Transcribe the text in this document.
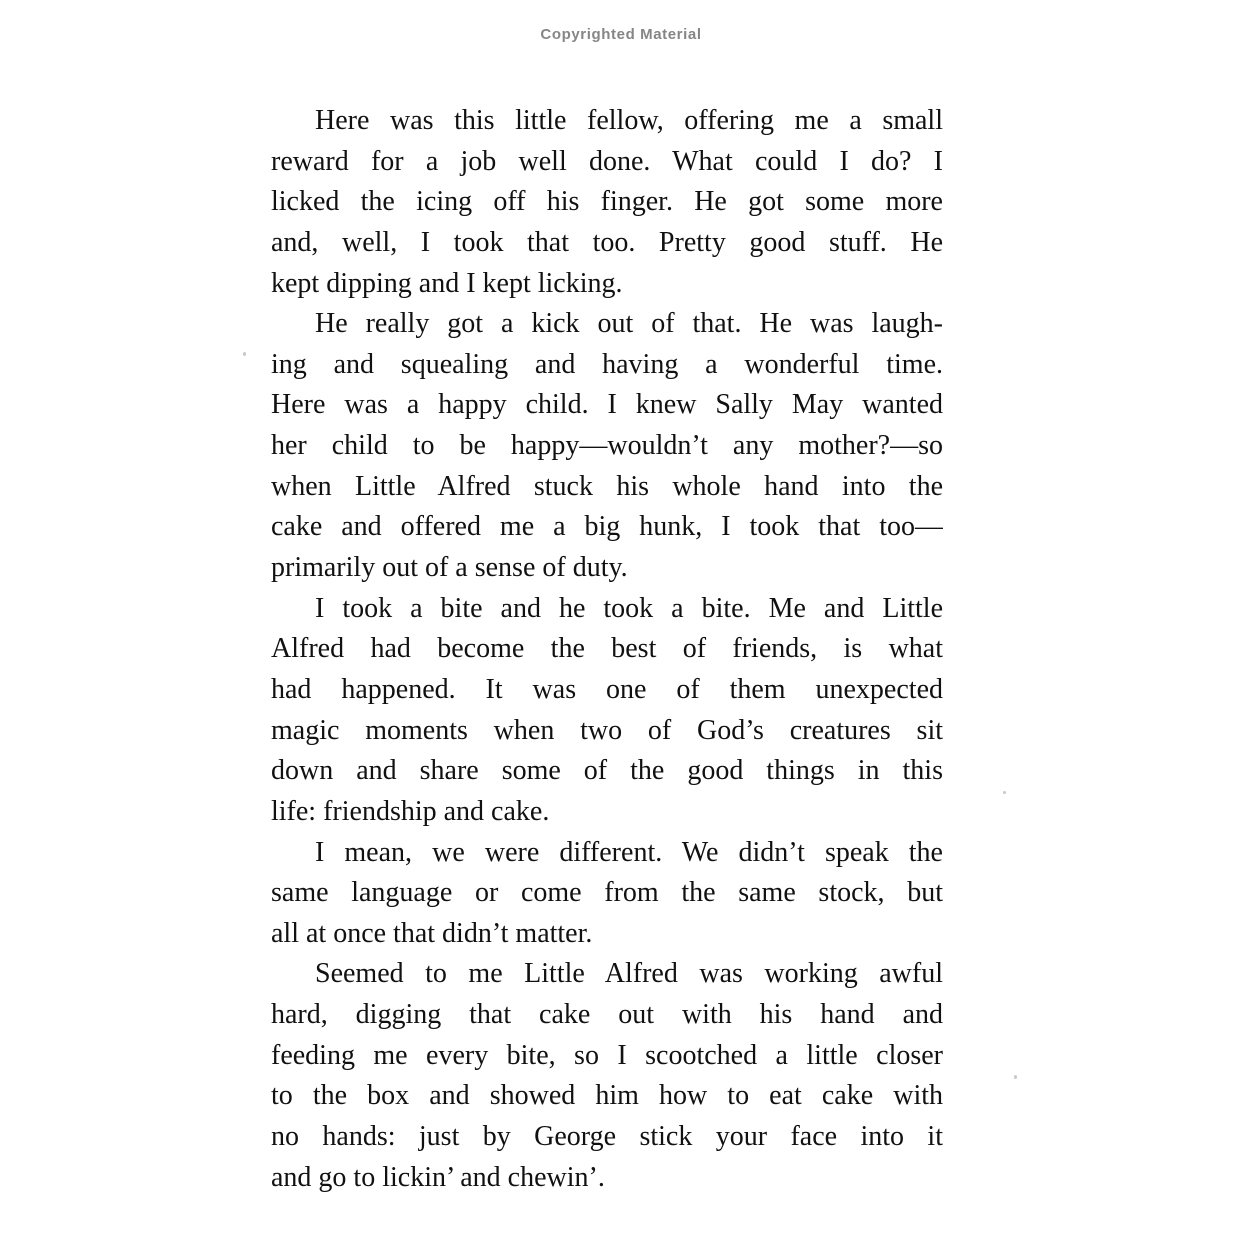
Copyrighted Material

Here was this little fellow, offering me a small
reward for a job well done. What could I do? I
licked the icing off his finger. He got some more
and, well, I took that too. Pretty good stuff. He
kept dipping and I kept licking.

He really got a kick out of that. He was laugh-
ing and squealing and having a wonderful time.
Here was a happy child. I knew Sally May wanted
her child to be happy—wouldn’t any mother?—so
when Little Alfred stuck his whole hand into the
cake and offered me a big hunk, I took that too—
primarily out of a sense of duty.

I took a bite and he took a bite. Me and Little
Alfred had become the best of friends, is what
had happened. It was one of them unexpected
magic moments when two of God’s creatures sit
down and share some of the good things in this
life: friendship and cake.

I mean, we were different. We didn’t speak the
same language or come from the same stock, but
all at once that didn’t matter.

Seemed to me Little Alfred was working awful
hard, digging that cake out with his hand and
feeding me every bite, so I scootched a little closer
to the box and showed him how to eat cake with
no hands: just by George stick your face into it
and go to lickin’ and chewin’.
